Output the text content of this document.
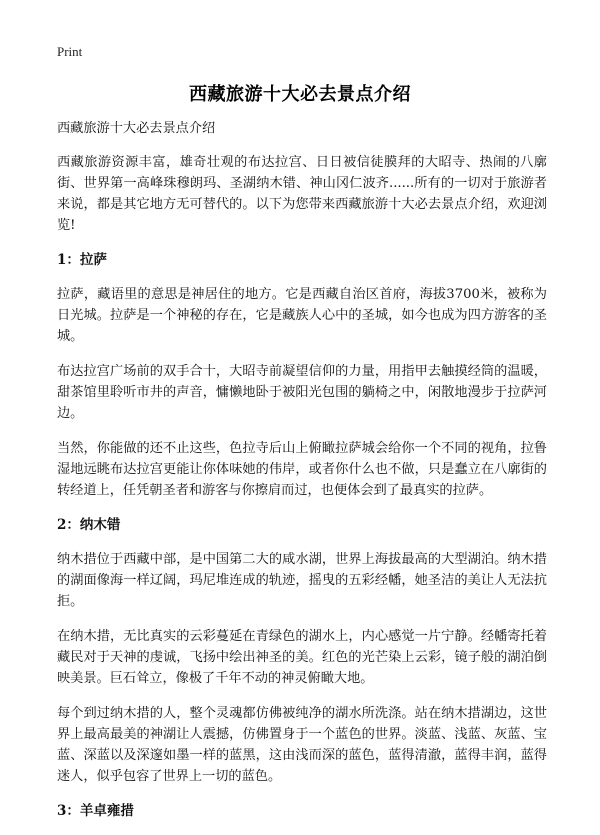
Print
西藏旅游十大必去景点介绍

西藏旅游十大必去景点介绍

西藏旅游资源丰富，雄奇壮观的布达拉宫、日日被信徒膜拜的大昭寺、热闹的八廓街、世界第一高峰珠穆朗玛、圣湖纳木错、神山冈仁波齐......所有的一切对于旅游者来说，都是其它地方无可替代的。以下为您带来西藏旅游十大必去景点介绍，欢迎浏览!

1：拉萨

拉萨，藏语里的意思是神居住的地方。它是西藏自治区首府，海拔3700米，被称为日光城。拉萨是一个神秘的存在，它是藏族人心中的圣城，如今也成为四方游客的圣城。

布达拉宫广场前的双手合十，大昭寺前凝望信仰的力量，用指甲去触摸经筒的温暖，甜茶馆里聆听市井的声音，慵懒地卧于被阳光包围的躺椅之中，闲散地漫步于拉萨河边。

当然，你能做的还不止这些，色拉寺后山上俯瞰拉萨城会给你一个不同的视角，拉鲁湿地远眺布达拉宫更能让你体味她的伟岸，或者你什么也不做，只是蠢立在八廓街的转经道上，任凭朝圣者和游客与你擦肩而过，也便体会到了最真实的拉萨。

2：纳木错

纳木措位于西藏中部，是中国第二大的咸水湖，世界上海拔最高的大型湖泊。纳木措的湖面像海一样辽阔，玛尼堆连成的轨迹，摇曳的五彩经幡，她圣洁的美让人无法抗拒。

在纳木措，无比真实的云彩蔓延在青绿色的湖水上，内心感觉一片宁静。经幡寄托着藏民对于天神的虔诚，飞扬中绘出神圣的美。红色的光芒染上云彩，镜子般的湖泊倒映美景。巨石耸立，像极了千年不动的神灵俯瞰大地。

每个到过纳木措的人，整个灵魂都仿佛被纯净的湖水所洗涤。站在纳木措湖边，这世界上最高最美的神湖让人震撼，仿佛置身于一个蓝色的世界。淡蓝、浅蓝、灰蓝、宝蓝、深蓝以及深邃如墨一样的蓝黑，这由浅而深的蓝色，蓝得清澈，蓝得丰润，蓝得迷人，似乎包容了世界上一切的蓝色。

3：羊卓雍措
